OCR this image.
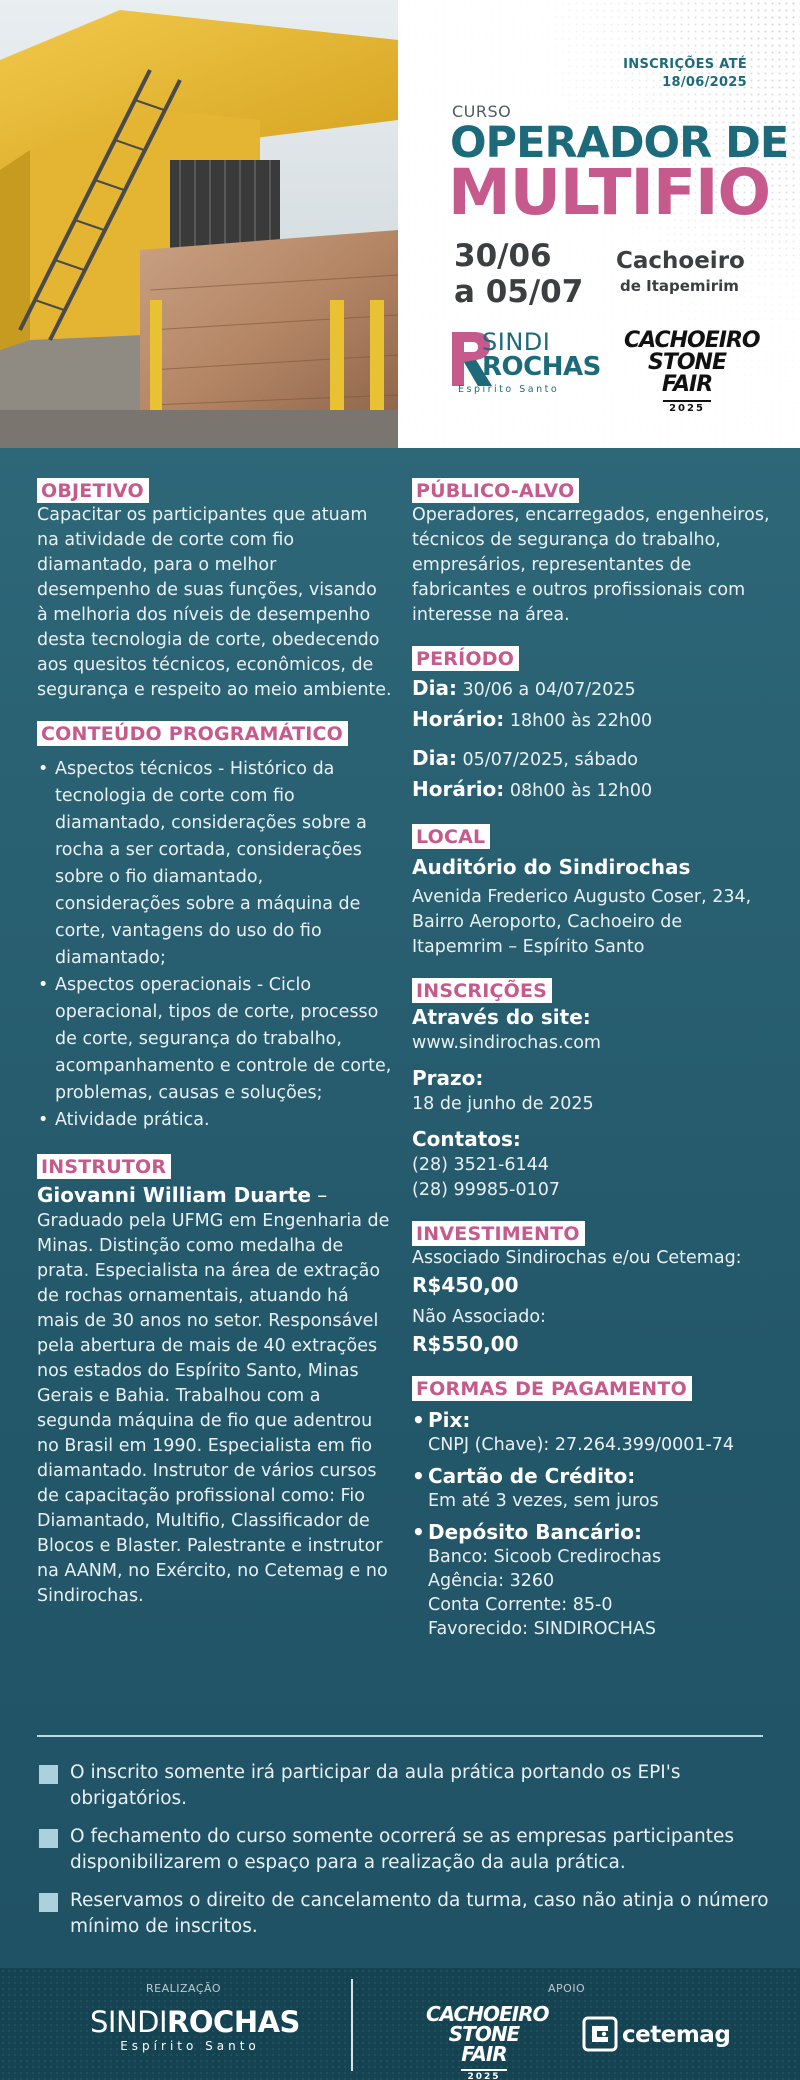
INSCRIÇÕES ATÉ
18/06/2025
CURSO
OPERADOR DE
MULTIFIO
30/06
a 05/07
Cachoeiro
de Itapemirim
SINDI
ROCHAS
Espírito Santo
CACHOEIRO
STONE FAIR
2025
OBJETIVO
Capacitar os participantes que atuam na atividade de corte com fio diamantado, para o melhor desempenho de suas funções, visando à melhoria dos níveis de desempenho desta tecnologia de corte, obedecendo aos quesitos técnicos, econômicos, de segurança e respeito ao meio ambiente.
CONTEÚDO PROGRAMÁTICO
• Aspectos técnicos - Histórico da tecnologia de corte com fio diamantado, considerações sobre a rocha a ser cortada, considerações sobre o fio diamantado, considerações sobre a máquina de corte, vantagens do uso do fio diamantado;
• Aspectos operacionais - Ciclo operacional, tipos de corte, processo de corte, segurança do trabalho, acompanhamento e controle de corte, problemas, causas e soluções;
• Atividade prática.
INSTRUTOR
Giovanni William Duarte –
Graduado pela UFMG em Engenharia de Minas. Distinção como medalha de prata. Especialista na área de extração de rochas ornamentais, atuando há mais de 30 anos no setor. Responsável pela abertura de mais de 40 extrações nos estados do Espírito Santo, Minas Gerais e Bahia. Trabalhou com a segunda máquina de fio que adentrou no Brasil em 1990. Especialista em fio diamantado. Instrutor de vários cursos de capacitação profissional como: Fio Diamantado, Multifio, Classificador de Blocos e Blaster. Palestrante e instrutor na AANM, no Exército, no Cetemag e no Sindirochas.
PÚBLICO-ALVO
Operadores, encarregados, engenheiros, técnicos de segurança do trabalho, empresários, representantes de fabricantes e outros profissionais com interesse na área.
PERÍODO
Dia: 30/06 a 04/07/2025
Horário: 18h00 às 22h00
Dia: 05/07/2025, sábado
Horário: 08h00 às 12h00
LOCAL
Auditório do Sindirochas
Avenida Frederico Augusto Coser, 234, Bairro Aeroporto, Cachoeiro de Itapemrim – Espírito Santo
INSCRIÇÕES
Através do site:
www.sindirochas.com
Prazo:
18 de junho de 2025
Contatos:
(28) 3521-6144
(28) 99985-0107
INVESTIMENTO
Associado Sindirochas e/ou Cetemag:
R$450,00
Não Associado:
R$550,00
FORMAS DE PAGAMENTO
• Pix:
CNPJ (Chave): 27.264.399/0001-74
• Cartão de Crédito:
Em até 3 vezes, sem juros
• Depósito Bancário:
Banco: Sicoob Credirochas
Agência: 3260
Conta Corrente: 85-0
Favorecido: SINDIROCHAS
O inscrito somente irá participar da aula prática portando os EPI's obrigatórios.
O fechamento do curso somente ocorrerá se as empresas participantes disponibilizarem o espaço para a realização da aula prática.
Reservamos o direito de cancelamento da turma, caso não atinja o número mínimo de inscritos.
REALIZAÇÃO	APOIO
SINDIROCHAS
Espírito Santo
CACHOEIRO
STONE FAIR
2025
cetemag
